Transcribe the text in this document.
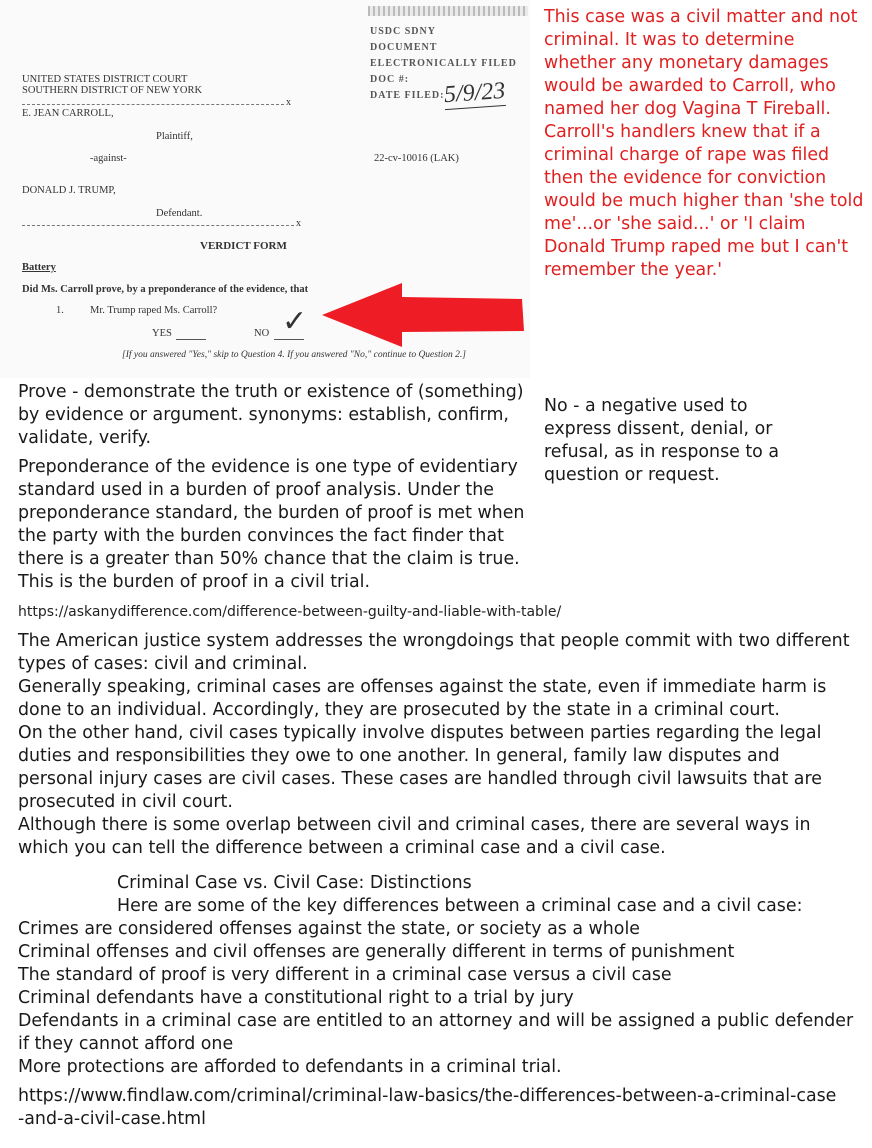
USDC SDNY
DOCUMENT
ELECTRONICALLY FILED
DOC #:
DATE FILED:
5/9/23
UNITED STATES DISTRICT COURT
SOUTHERN DISTRICT OF NEW YORK
x
E. JEAN CARROLL,
Plaintiff,
-against-	22-cv-10016 (LAK)
DONALD J. TRUMP,
Defendant.
x
VERDICT FORM
Battery
Did Ms. Carroll prove, by a preponderance of the evidence, that
1. Mr. Trump raped Ms. Carroll?
YES	NO ✓
[If you answered "Yes," skip to Question 4. If you answered "No," continue to Question 2.]
This case was a civil matter and not criminal. It was to determine whether any monetary damages would be awarded to Carroll, who named her dog Vagina T Fireball. Carroll's handlers knew that if a criminal charge of rape was filed then the evidence for conviction would be much higher than 'she told me'...or 'she said...' or 'I claim Donald Trump raped me but I can't remember the year.'
Prove - demonstrate the truth or existence of (something) by evidence or argument. synonyms: establish, confirm, validate, verify.
No - a negative used to express dissent, denial, or refusal, as in response to a question or request.
Preponderance of the evidence is one type of evidentiary standard used in a burden of proof analysis. Under the preponderance standard, the burden of proof is met when the party with the burden convinces the fact finder that there is a greater than 50% chance that the claim is true. This is the burden of proof in a civil trial.
https://askanydifference.com/difference-between-guilty-and-liable-with-table/
The American justice system addresses the wrongdoings that people commit with two different types of cases: civil and criminal.
Generally speaking, criminal cases are offenses against the state, even if immediate harm is done to an individual. Accordingly, they are prosecuted by the state in a criminal court.
On the other hand, civil cases typically involve disputes between parties regarding the legal duties and responsibilities they owe to one another. In general, family law disputes and personal injury cases are civil cases. These cases are handled through civil lawsuits that are prosecuted in civil court.
Although there is some overlap between civil and criminal cases, there are several ways in which you can tell the difference between a criminal case and a civil case.
Criminal Case vs. Civil Case: Distinctions
Here are some of the key differences between a criminal case and a civil case:
Crimes are considered offenses against the state, or society as a whole
Criminal offenses and civil offenses are generally different in terms of punishment
The standard of proof is very different in a criminal case versus a civil case
Criminal defendants have a constitutional right to a trial by jury
Defendants in a criminal case are entitled to an attorney and will be assigned a public defender if they cannot afford one
More protections are afforded to defendants in a criminal trial.
https://www.findlaw.com/criminal/criminal-law-basics/the-differences-between-a-criminal-case-and-a-civil-case.html
